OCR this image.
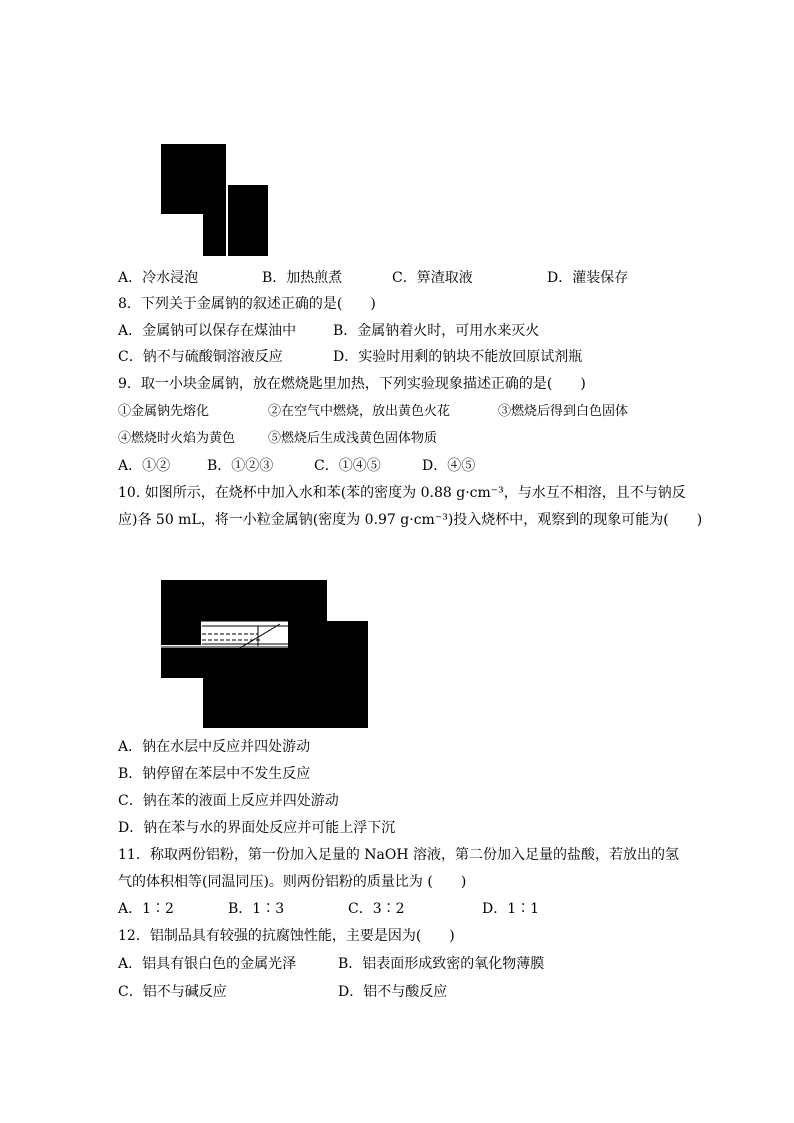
A．冷水浸泡	B．加热煎煮	C．箅渣取液	D．灌装保存
8．下列关于金属钠的叙述正确的是(　　)
A．金属钠可以保存在煤油中	B．金属钠着火时，可用水来灭火
C．钠不与硫酸铜溶液反应	D．实验时用剩的钠块不能放回原试剂瓶
9．取一小块金属钠，放在燃烧匙里加热，下列实验现象描述正确的是(　　)
①金属钠先熔化	②在空气中燃烧，放出黄色火花	③燃烧后得到白色固体
④燃烧时火焰为黄色	⑤燃烧后生成浅黄色固体物质
A．①②	B．①②③	C．①④⑤	D．④⑤
10. 如图所示，在烧杯中加入水和苯(苯的密度为 0.88 g·cm⁻³，与水互不相溶，且不与钠反
应)各 50 mL，将一小粒金属钠(密度为 0.97 g·cm⁻³)投入烧杯中，观察到的现象可能为(　　)
A．钠在水层中反应并四处游动
B．钠停留在苯层中不发生反应
C．钠在苯的液面上反应并四处游动
D．钠在苯与水的界面处反应并可能上浮下沉
11．称取两份铝粉，第一份加入足量的 NaOH 溶液，第二份加入足量的盐酸，若放出的氢
气的体积相等(同温同压)。则两份铝粉的质量比为 (　　)
A．1∶2	B．1∶3	C．3∶2	D．1∶1
12．铝制品具有较强的抗腐蚀性能，主要是因为(　　)
A．铝具有银白色的金属光泽	B．铝表面形成致密的氧化物薄膜
C．铝不与碱反应	D．铝不与酸反应
